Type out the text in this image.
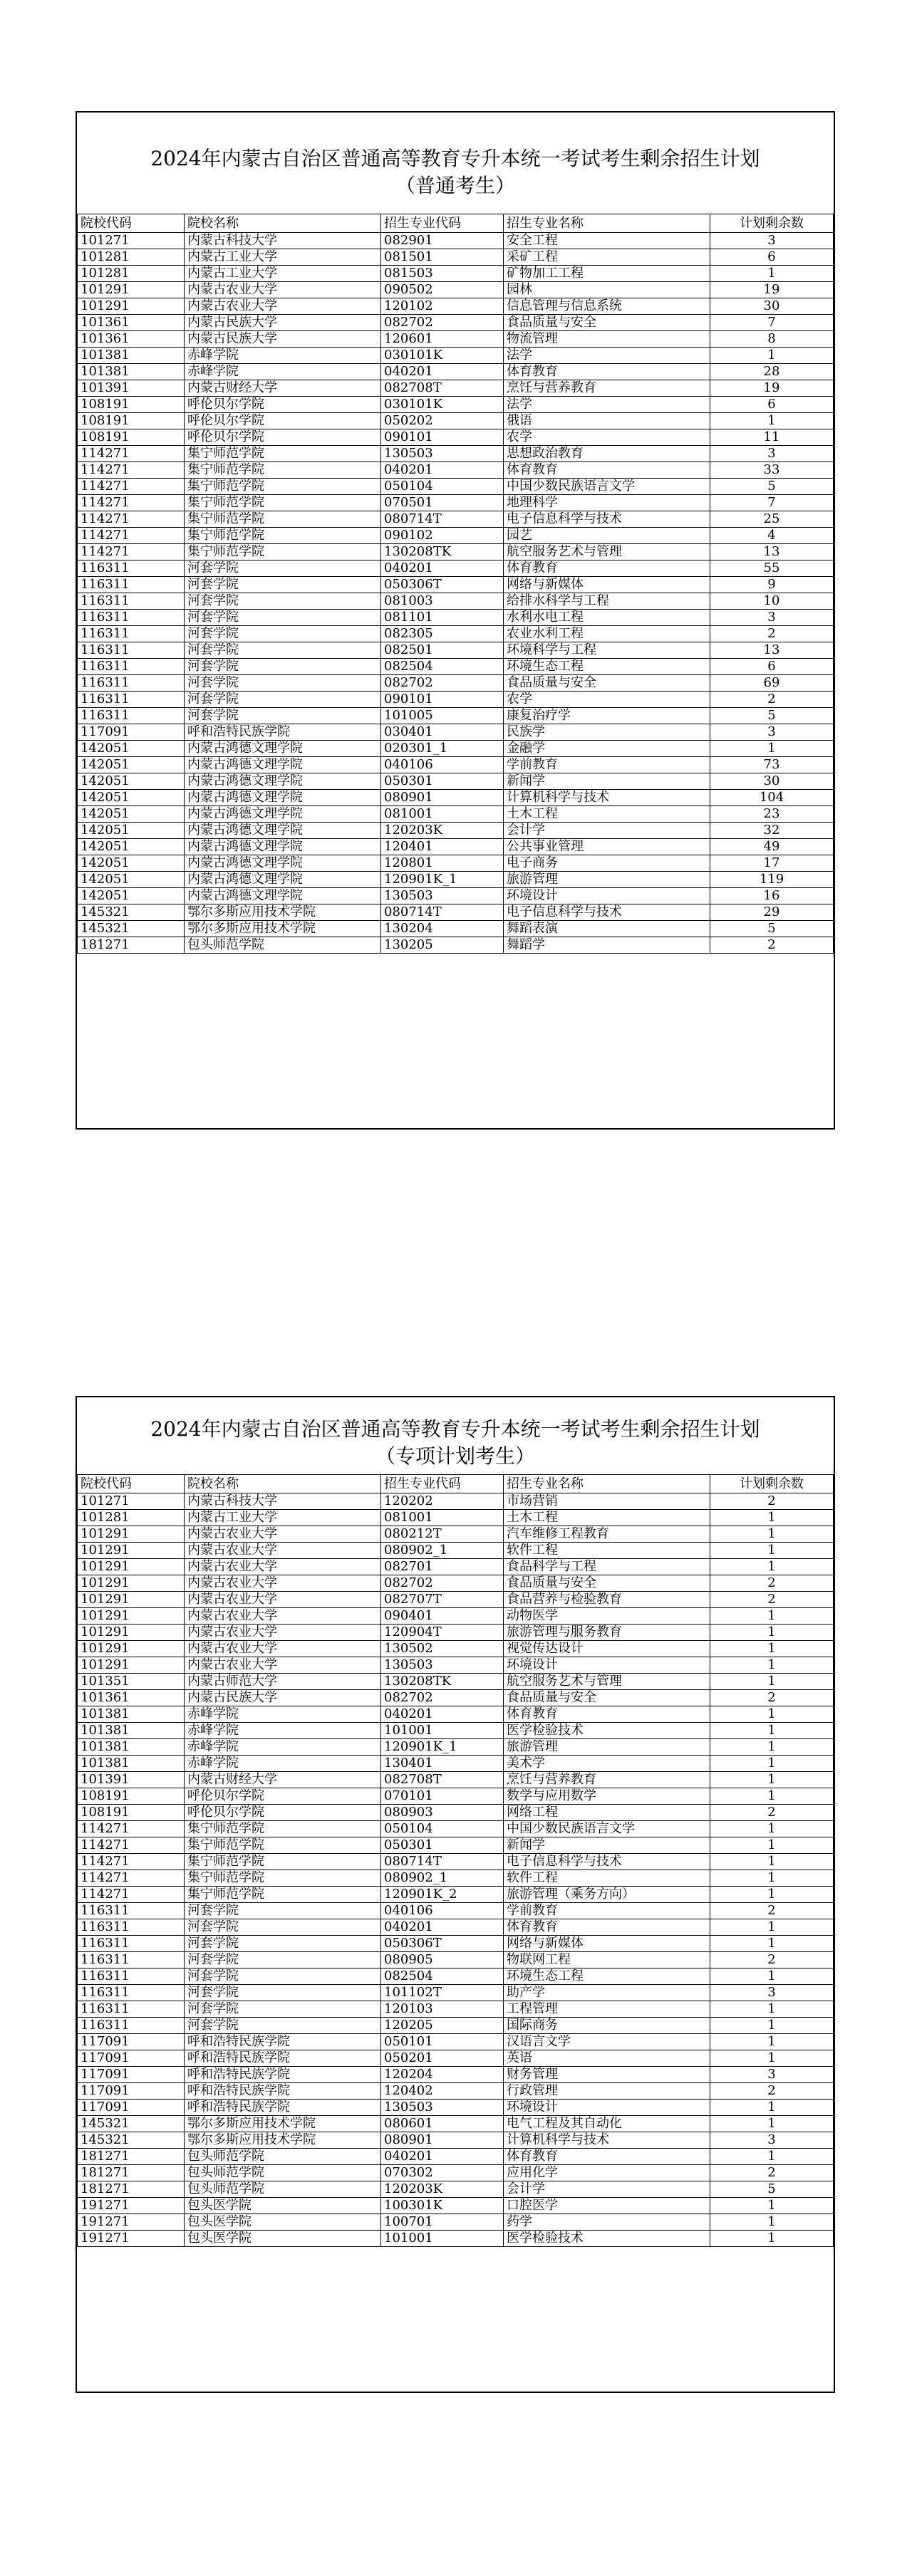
2024年内蒙古自治区普通高等教育专升本统一考试考生剩余招生计划
（普通考生）
院校代码	院校名称	招生专业代码	招生专业名称	计划剩余数
101271	内蒙古科技大学	082901	安全工程	3
101281	内蒙古工业大学	081501	采矿工程	6
101281	内蒙古工业大学	081503	矿物加工工程	1
101291	内蒙古农业大学	090502	园林	19
101291	内蒙古农业大学	120102	信息管理与信息系统	30
101361	内蒙古民族大学	082702	食品质量与安全	7
101361	内蒙古民族大学	120601	物流管理	8
101381	赤峰学院	030101K	法学	1
101381	赤峰学院	040201	体育教育	28
101391	内蒙古财经大学	082708T	烹饪与营养教育	19
108191	呼伦贝尔学院	030101K	法学	6
108191	呼伦贝尔学院	050202	俄语	1
108191	呼伦贝尔学院	090101	农学	11
114271	集宁师范学院	130503	思想政治教育	3
114271	集宁师范学院	040201	体育教育	33
114271	集宁师范学院	050104	中国少数民族语言文学	5
114271	集宁师范学院	070501	地理科学	7
114271	集宁师范学院	080714T	电子信息科学与技术	25
114271	集宁师范学院	090102	园艺	4
114271	集宁师范学院	130208TK	航空服务艺术与管理	13
116311	河套学院	040201	体育教育	55
116311	河套学院	050306T	网络与新媒体	9
116311	河套学院	081003	给排水科学与工程	10
116311	河套学院	081101	水利水电工程	3
116311	河套学院	082305	农业水利工程	2
116311	河套学院	082501	环境科学与工程	13
116311	河套学院	082504	环境生态工程	6
116311	河套学院	082702	食品质量与安全	69
116311	河套学院	090101	农学	2
116311	河套学院	101005	康复治疗学	5
117091	呼和浩特民族学院	030401	民族学	3
142051	内蒙古鸿德文理学院	020301_1	金融学	1
142051	内蒙古鸿德文理学院	040106	学前教育	73
142051	内蒙古鸿德文理学院	050301	新闻学	30
142051	内蒙古鸿德文理学院	080901	计算机科学与技术	104
142051	内蒙古鸿德文理学院	081001	土木工程	23
142051	内蒙古鸿德文理学院	120203K	会计学	32
142051	内蒙古鸿德文理学院	120401	公共事业管理	49
142051	内蒙古鸿德文理学院	120801	电子商务	17
142051	内蒙古鸿德文理学院	120901K_1	旅游管理	119
142051	内蒙古鸿德文理学院	130503	环境设计	16
145321	鄂尔多斯应用技术学院	080714T	电子信息科学与技术	29
145321	鄂尔多斯应用技术学院	130204	舞蹈表演	5
181271	包头师范学院	130205	舞蹈学	2
2024年内蒙古自治区普通高等教育专升本统一考试考生剩余招生计划
（专项计划考生）
院校代码	院校名称	招生专业代码	招生专业名称	计划剩余数
101271	内蒙古科技大学	120202	市场营销	2
101281	内蒙古工业大学	081001	土木工程	1
101291	内蒙古农业大学	080212T	汽车维修工程教育	1
101291	内蒙古农业大学	080902_1	软件工程	1
101291	内蒙古农业大学	082701	食品科学与工程	1
101291	内蒙古农业大学	082702	食品质量与安全	2
101291	内蒙古农业大学	082707T	食品营养与检验教育	2
101291	内蒙古农业大学	090401	动物医学	1
101291	内蒙古农业大学	120904T	旅游管理与服务教育	1
101291	内蒙古农业大学	130502	视觉传达设计	1
101291	内蒙古农业大学	130503	环境设计	1
101351	内蒙古师范大学	130208TK	航空服务艺术与管理	1
101361	内蒙古民族大学	082702	食品质量与安全	2
101381	赤峰学院	040201	体育教育	1
101381	赤峰学院	101001	医学检验技术	1
101381	赤峰学院	120901K_1	旅游管理	1
101381	赤峰学院	130401	美术学	1
101391	内蒙古财经大学	082708T	烹饪与营养教育	1
108191	呼伦贝尔学院	070101	数学与应用数学	1
108191	呼伦贝尔学院	080903	网络工程	2
114271	集宁师范学院	050104	中国少数民族语言文学	1
114271	集宁师范学院	050301	新闻学	1
114271	集宁师范学院	080714T	电子信息科学与技术	1
114271	集宁师范学院	080902_1	软件工程	1
114271	集宁师范学院	120901K_2	旅游管理（乘务方向）	1
116311	河套学院	040106	学前教育	2
116311	河套学院	040201	体育教育	1
116311	河套学院	050306T	网络与新媒体	1
116311	河套学院	080905	物联网工程	2
116311	河套学院	082504	环境生态工程	1
116311	河套学院	101102T	助产学	3
116311	河套学院	120103	工程管理	1
116311	河套学院	120205	国际商务	1
117091	呼和浩特民族学院	050101	汉语言文学	1
117091	呼和浩特民族学院	050201	英语	1
117091	呼和浩特民族学院	120204	财务管理	3
117091	呼和浩特民族学院	120402	行政管理	2
117091	呼和浩特民族学院	130503	环境设计	1
145321	鄂尔多斯应用技术学院	080601	电气工程及其自动化	1
145321	鄂尔多斯应用技术学院	080901	计算机科学与技术	3
181271	包头师范学院	040201	体育教育	1
181271	包头师范学院	070302	应用化学	2
181271	包头师范学院	120203K	会计学	5
191271	包头医学院	100301K	口腔医学	1
191271	包头医学院	100701	药学	1
191271	包头医学院	101001	医学检验技术	1
